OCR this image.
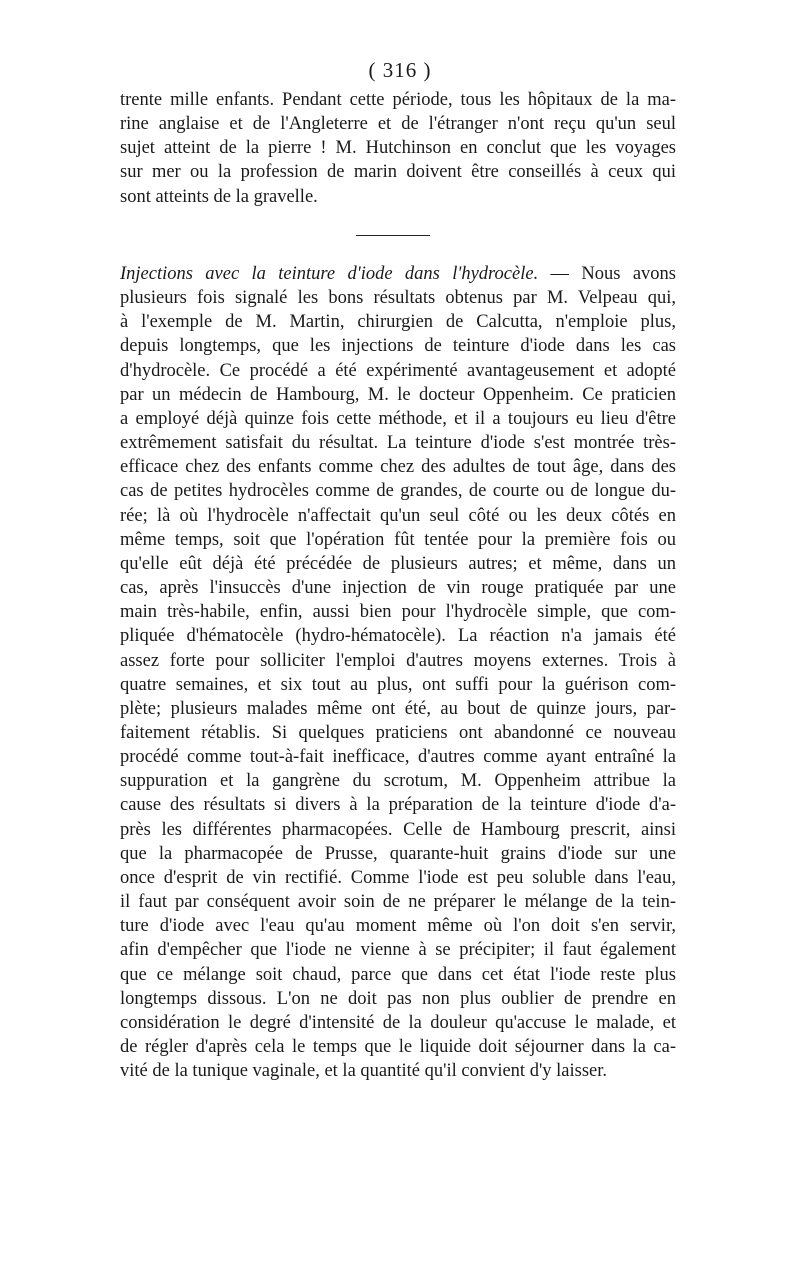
( 316 )
trente mille enfants. Pendant cette période, tous les hôpitaux de la ma-
rine anglaise et de l'Angleterre et de l'étranger n'ont reçu qu'un seul
sujet atteint de la pierre ! M. Hutchinson en conclut que les voyages
sur mer ou la profession de marin doivent être conseillés à ceux qui
sont atteints de la gravelle.
Injections avec la teinture d'iode dans l'hydrocèle. — Nous avons
plusieurs fois signalé les bons résultats obtenus par M. Velpeau qui,
à l'exemple de M. Martin, chirurgien de Calcutta, n'emploie plus,
depuis longtemps, que les injections de teinture d'iode dans les cas
d'hydrocèle. Ce procédé a été expérimenté avantageusement et adopté
par un médecin de Hambourg, M. le docteur Oppenheim. Ce praticien
a employé déjà quinze fois cette méthode, et il a toujours eu lieu d'être
extrêmement satisfait du résultat. La teinture d'iode s'est montrée très-
efficace chez des enfants comme chez des adultes de tout âge, dans des
cas de petites hydrocèles comme de grandes, de courte ou de longue du-
rée; là où l'hydrocèle n'affectait qu'un seul côté ou les deux côtés en
même temps, soit que l'opération fût tentée pour la première fois ou
qu'elle eût déjà été précédée de plusieurs autres; et même, dans un
cas, après l'insuccès d'une injection de vin rouge pratiquée par une
main très-habile, enfin, aussi bien pour l'hydrocèle simple, que com-
pliquée d'hématocèle (hydro-hématocèle). La réaction n'a jamais été
assez forte pour solliciter l'emploi d'autres moyens externes. Trois à
quatre semaines, et six tout au plus, ont suffi pour la guérison com-
plète; plusieurs malades même ont été, au bout de quinze jours, par-
faitement rétablis. Si quelques praticiens ont abandonné ce nouveau
procédé comme tout-à-fait inefficace, d'autres comme ayant entraîné la
suppuration et la gangrène du scrotum, M. Oppenheim attribue la
cause des résultats si divers à la préparation de la teinture d'iode d'a-
près les différentes pharmacopées. Celle de Hambourg prescrit, ainsi
que la pharmacopée de Prusse, quarante-huit grains d'iode sur une
once d'esprit de vin rectifié. Comme l'iode est peu soluble dans l'eau,
il faut par conséquent avoir soin de ne préparer le mélange de la tein-
ture d'iode avec l'eau qu'au moment même où l'on doit s'en servir,
afin d'empêcher que l'iode ne vienne à se précipiter; il faut également
que ce mélange soit chaud, parce que dans cet état l'iode reste plus
longtemps dissous. L'on ne doit pas non plus oublier de prendre en
considération le degré d'intensité de la douleur qu'accuse le malade, et
de régler d'après cela le temps que le liquide doit séjourner dans la ca-
vité de la tunique vaginale, et la quantité qu'il convient d'y laisser.
